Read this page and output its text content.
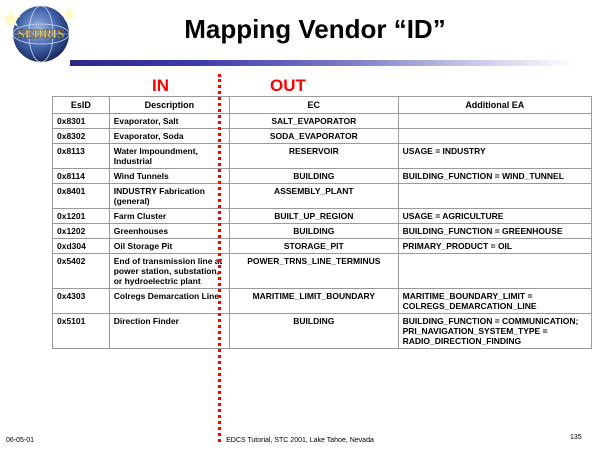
SEDRIS	Mapping Vendor “ID”
IN	OUT
EsID	Description	EC	Additional EA
0x8301	Evaporator, Salt	SALT_EVAPORATOR	
0x8302	Evaporator, Soda	SODA_EVAPORATOR	
0x8113	Water Impoundment, Industrial	RESERVOIR	USAGE = INDUSTRY
0x8114	Wind Tunnels	BUILDING	BUILDING_FUNCTION = WIND_TUNNEL
0x8401	INDUSTRY Fabrication (general)	ASSEMBLY_PLANT	
0x1201	Farm Cluster	BUILT_UP_REGION	USAGE = AGRICULTURE
0x1202	Greenhouses	BUILDING	BUILDING_FUNCTION = GREENHOUSE
0xd304	Oil Storage Pit	STORAGE_PIT	PRIMARY_PRODUCT = OIL
0x5402	End of transmission line at power station, substation, or hydroelectric plant	POWER_TRNS_LINE_TERMINUS	
0x4303	Colregs Demarcation Line	MARITIME_LIMIT_BOUNDARY	MARITIME_BOUNDARY_LIMIT = COLREGS_DEMARCATION_LINE
0x5101	Direction Finder	BUILDING	BUILDING_FUNCTION = COMMUNICATION; PRI_NAVIGATION_SYSTEM_TYPE = RADIO_DIRECTION_FINDING
06-05-01	EDCS Tutorial, STC 2001, Lake Tahoe, Nevada	135
